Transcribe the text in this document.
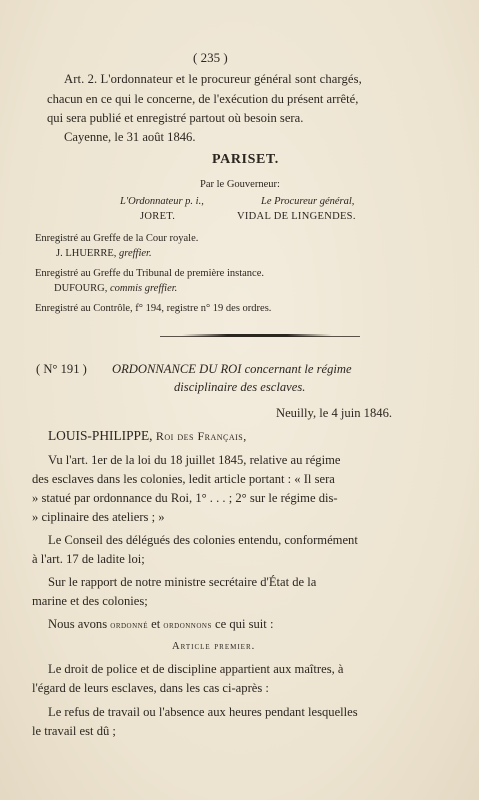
( 235 )
Art. 2. L'ordonnateur et le procureur général sont chargés,
chacun en ce qui le concerne, de l'exécution du présent arrêté,
qui sera publié et enregistré partout où besoin sera.
Cayenne, le 31 août 1846.
PARISET.
Par le Gouverneur:
L'Ordonnateur p. i.,	Le Procureur général,
JORET.	VIDAL DE LINGENDES.
Enregistré au Greffe de la Cour royale.
J. LHUERRE, greffier.
Enregistré au Greffe du Tribunal de première instance.
DUFOURG, commis greffier.
Enregistré au Contrôle, f° 194, registre n° 19 des ordres.
( N° 191 ) ORDONNANCE DU ROI concernant le régime
disciplinaire des esclaves.
Neuilly, le 4 juin 1846.
LOUIS-PHILIPPE, Roi des Français,
Vu l'art. 1er de la loi du 18 juillet 1845, relative au régime
des esclaves dans les colonies, ledit article portant : « Il sera
» statué par ordonnance du Roi, 1° . . . ; 2° sur le régime dis-
» ciplinaire des ateliers ; »
Le Conseil des délégués des colonies entendu, conformément
à l'art. 17 de ladite loi;
Sur le rapport de notre ministre secrétaire d'État de la
marine et des colonies;
Nous avons ordonné et ordonnons ce qui suit :
Article premier.
Le droit de police et de discipline appartient aux maîtres, à
l'égard de leurs esclaves, dans les cas ci-après :
Le refus de travail ou l'absence aux heures pendant lesquelles
le travail est dû ;
